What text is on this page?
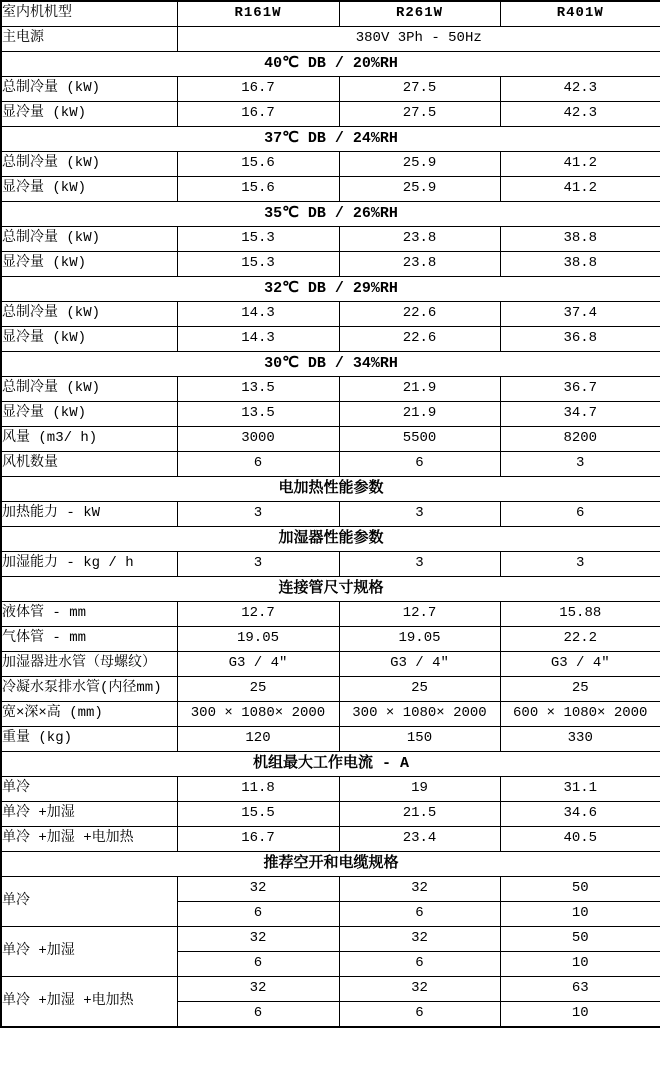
室内机机型	R161W	R261W	R401W
主电源	380V 3Ph - 50Hz		
40℃ DB / 20%RH			
总制冷量 (kW)	16.7	27.5	42.3
显冷量 (kW)	16.7	27.5	42.3
37℃ DB / 24%RH			
总制冷量 (kW)	15.6	25.9	41.2
显冷量 (kW)	15.6	25.9	41.2
35℃ DB / 26%RH			
总制冷量 (kW)	15.3	23.8	38.8
显冷量 (kW)	15.3	23.8	38.8
32℃ DB / 29%RH			
总制冷量 (kW)	14.3	22.6	37.4
显冷量 (kW)	14.3	22.6	36.8
30℃ DB / 34%RH			
总制冷量 (kW)	13.5	21.9	36.7
显冷量 (kW)	13.5	21.9	34.7
风量 (m3/ h)	3000	5500	8200
风机数量	6	6	3
电加热性能参数			
加热能力 - kW	3	3	6
加湿器性能参数			
加湿能力 - kg / h	3	3	3
连接管尺寸规格			
液体管 - mm	12.7	12.7	15.88
气体管 - mm	19.05	19.05	22.2
加湿器进水管（母螺纹）	G3 / 4″	G3 / 4″	G3 / 4″
冷凝水泵排水管(内径mm)	25	25	25
宽×深×高 (mm)	300 × 1080× 2000	300 × 1080× 2000	600 × 1080× 2000
重量 (kg)	120	150	330
机组最大工作电流 - A			
单冷	11.8	19	31.1
单冷 +加湿	15.5	21.5	34.6
单冷 +加湿 +电加热	16.7	23.4	40.5
推荐空开和电缆规格			
单冷	32	32	50
	6	6	10
单冷 +加湿	32	32	50
	6	6	10
单冷 +加湿 +电加热	32	32	63
	6	6	10
